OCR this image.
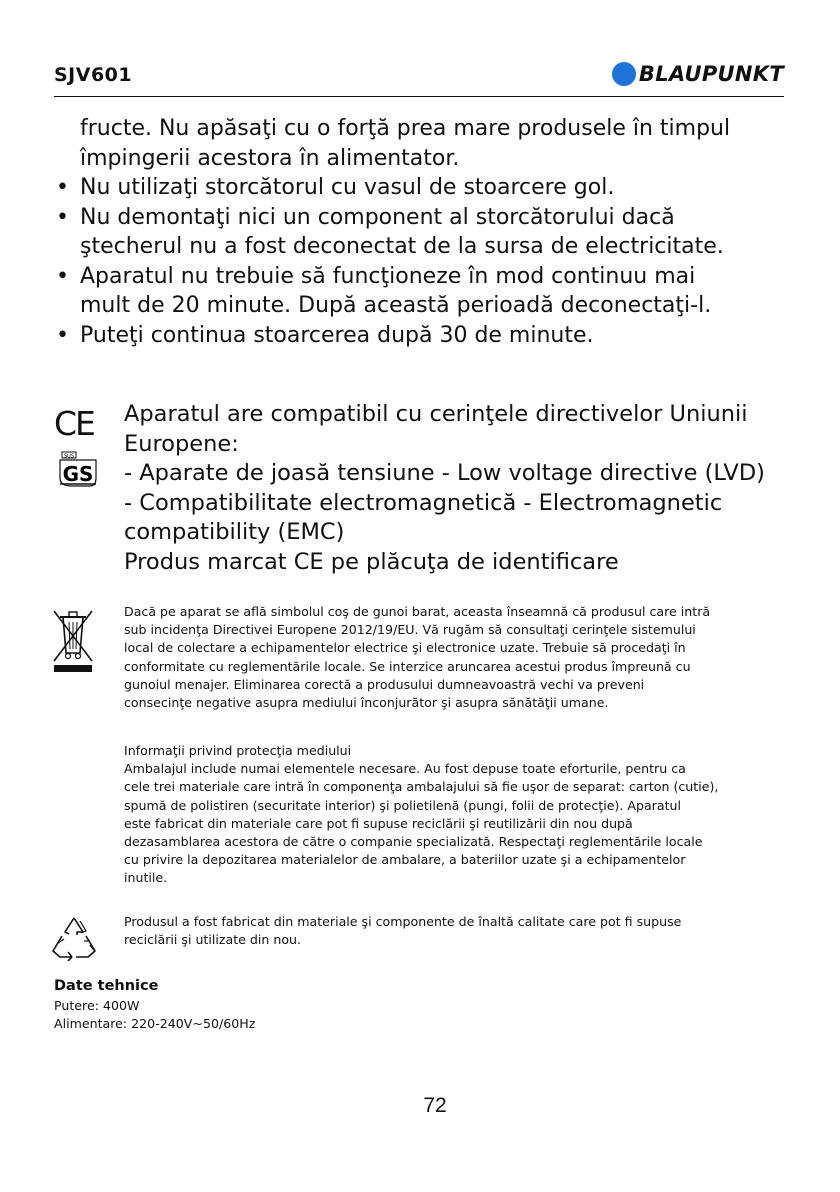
SJV601	BLAUPUNKT
fructe. Nu apăsaţi cu o forţă prea mare produsele în timpul
împingerii acestora în alimentator.
• Nu utilizaţi storcătorul cu vasul de stoarcere gol.
• Nu demontaţi nici un component al storcătorului dacă
ştecherul nu a fost deconectat de la sursa de electricitate.
• Aparatul nu trebuie să funcţioneze în mod continuu mai
mult de 20 minute. După această perioadă deconectaţi-l.
• Puteţi continua stoarcerea după 30 de minute.
CE
SUS
GS
Aparatul are compatibil cu cerinţele directivelor Uniunii
Europene:
- Aparate de joasă tensiune - Low voltage directive (LVD)
- Compatibilitate electromagnetică - Electromagnetic
compatibility (EMC)
Produs marcat CE pe plăcuţa de identificare
Dacă pe aparat se află simbolul coş de gunoi barat, aceasta înseamnă că produsul care intră
sub incidenţa Directivei Europene 2012/19/EU. Vă rugăm să consultaţi cerinţele sistemului
local de colectare a echipamentelor electrice şi electronice uzate. Trebuie să procedaţi în
conformitate cu reglementările locale. Se interzice aruncarea acestui produs împreună cu
gunoiul menajer. Eliminarea corectă a produsului dumneavoastră vechi va preveni
consecinţe negative asupra mediului înconjurător şi asupra sănătăţii umane.
Informaţii privind protecţia mediului
Ambalajul include numai elementele necesare. Au fost depuse toate eforturile, pentru ca
cele trei materiale care intră în componenţa ambalajului să fie uşor de separat: carton (cutie),
spumă de polistiren (securitate interior) şi polietilenă (pungi, folii de protecţie). Aparatul
este fabricat din materiale care pot fi supuse reciclării şi reutilizării din nou după
dezasamblarea acestora de către o companie specializată. Respectaţi reglementările locale
cu privire la depozitarea materialelor de ambalare, a bateriilor uzate şi a echipamentelor
inutile.
Produsul a fost fabricat din materiale şi componente de înaltă calitate care pot fi supuse
reciclării şi utilizate din nou.
Date tehnice
Putere: 400W
Alimentare: 220-240V~50/60Hz
72
